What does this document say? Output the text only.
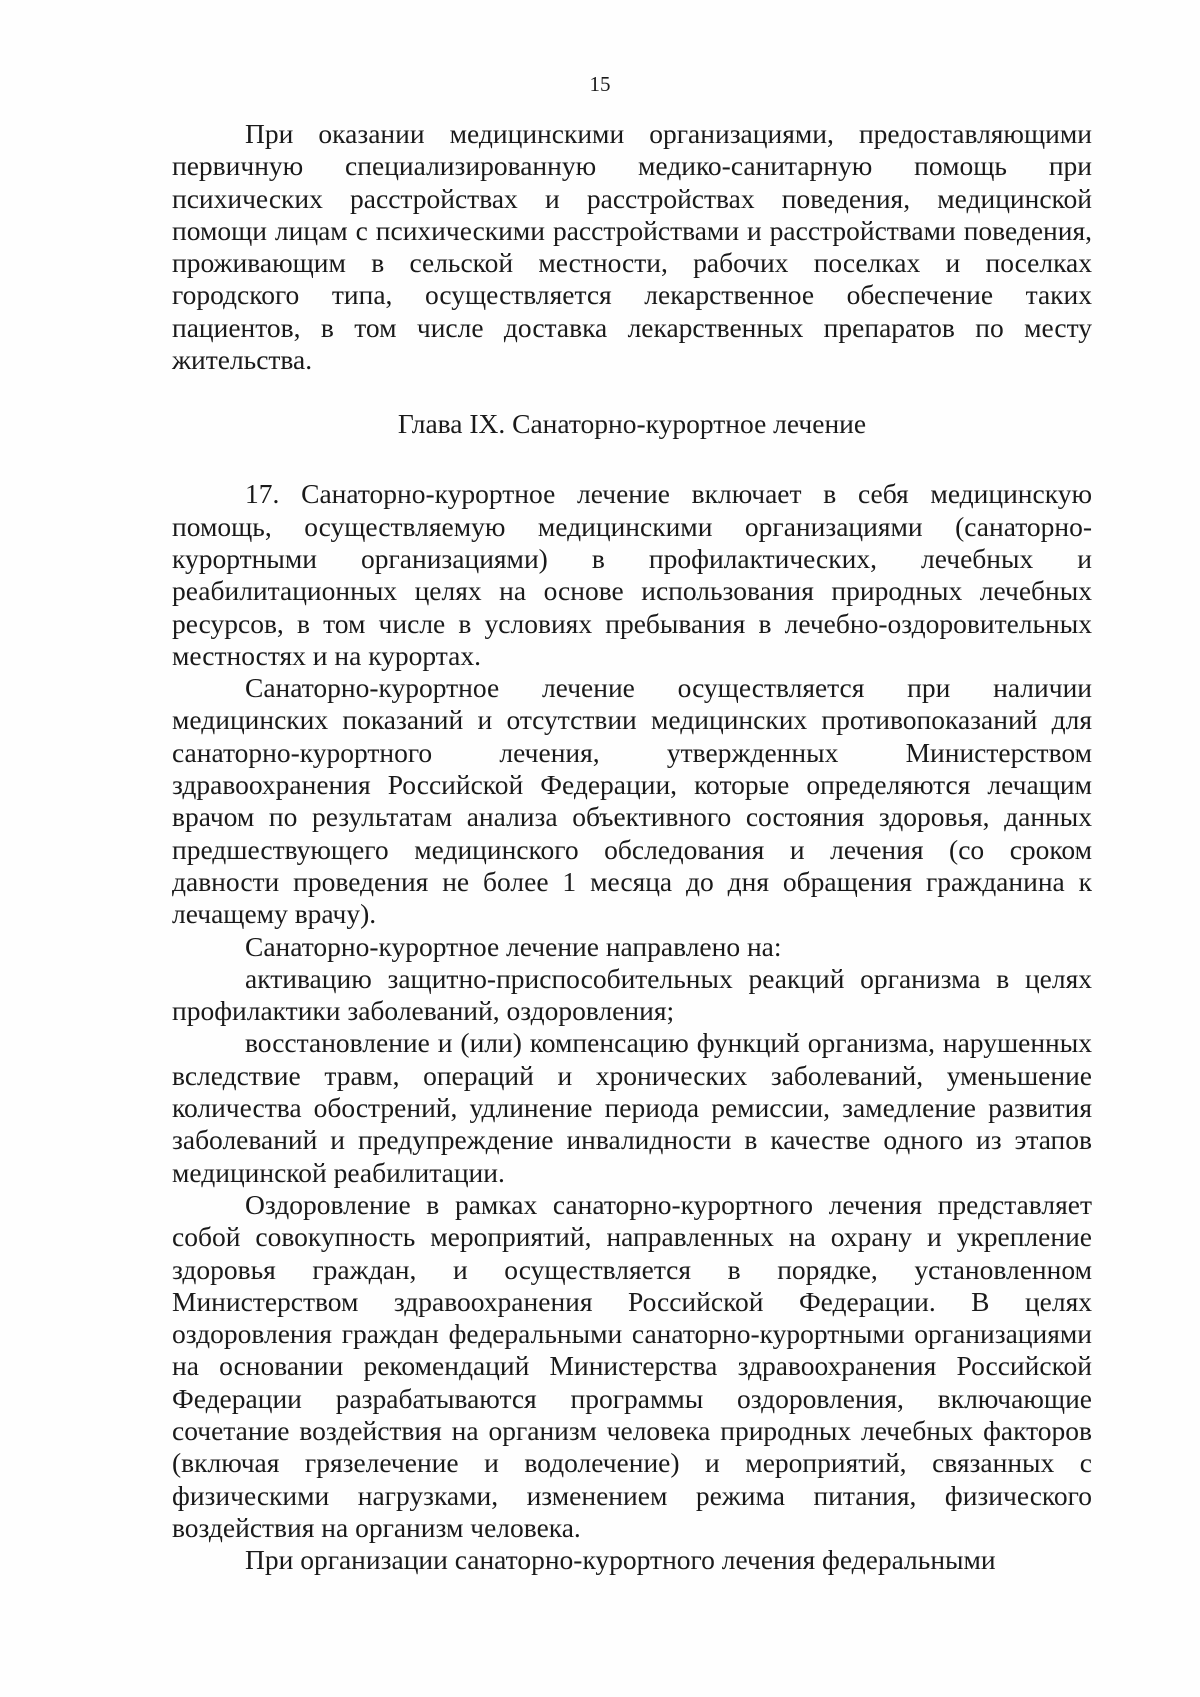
15

При оказании медицинскими организациями, предоставляющими первичную специализированную медико-санитарную помощь при психических расстройствах и расстройствах поведения, медицинской помощи лицам с психическими расстройствами и расстройствами поведения, проживающим в сельской местности, рабочих поселках и поселках городского типа, осуществляется лекарственное обеспечение таких пациентов, в том числе доставка лекарственных препаратов по месту жительства.

Глава IX. Санаторно-курортное лечение

17. Санаторно-курортное лечение включает в себя медицинскую помощь, осуществляемую медицинскими организациями (санаторно-курортными организациями) в профилактических, лечебных и реабилитационных целях на основе использования природных лечебных ресурсов, в том числе в условиях пребывания в лечебно-оздоровительных местностях и на курортах.

Санаторно-курортное лечение осуществляется при наличии медицинских показаний и отсутствии медицинских противопоказаний для санаторно-курортного лечения, утвержденных Министерством здравоохранения Российской Федерации, которые определяются лечащим врачом по результатам анализа объективного состояния здоровья, данных предшествующего медицинского обследования и лечения (со сроком давности проведения не более 1 месяца до дня обращения гражданина к лечащему врачу).

Санаторно-курортное лечение направлено на:

активацию защитно-приспособительных реакций организма в целях профилактики заболеваний, оздоровления;

восстановление и (или) компенсацию функций организма, нарушенных вследствие травм, операций и хронических заболеваний, уменьшение количества обострений, удлинение периода ремиссии, замедление развития заболеваний и предупреждение инвалидности в качестве одного из этапов медицинской реабилитации.

Оздоровление в рамках санаторно-курортного лечения представляет собой совокупность мероприятий, направленных на охрану и укрепление здоровья граждан, и осуществляется в порядке, установленном Министерством здравоохранения Российской Федерации. В целях оздоровления граждан федеральными санаторно-курортными организациями на основании рекомендаций Министерства здравоохранения Российской Федерации разрабатываются программы оздоровления, включающие сочетание воздействия на организм человека природных лечебных факторов (включая грязелечение и водолечение) и мероприятий, связанных с физическими нагрузками, изменением режима питания, физического воздействия на организм человека.

При организации санаторно-курортного лечения федеральными
